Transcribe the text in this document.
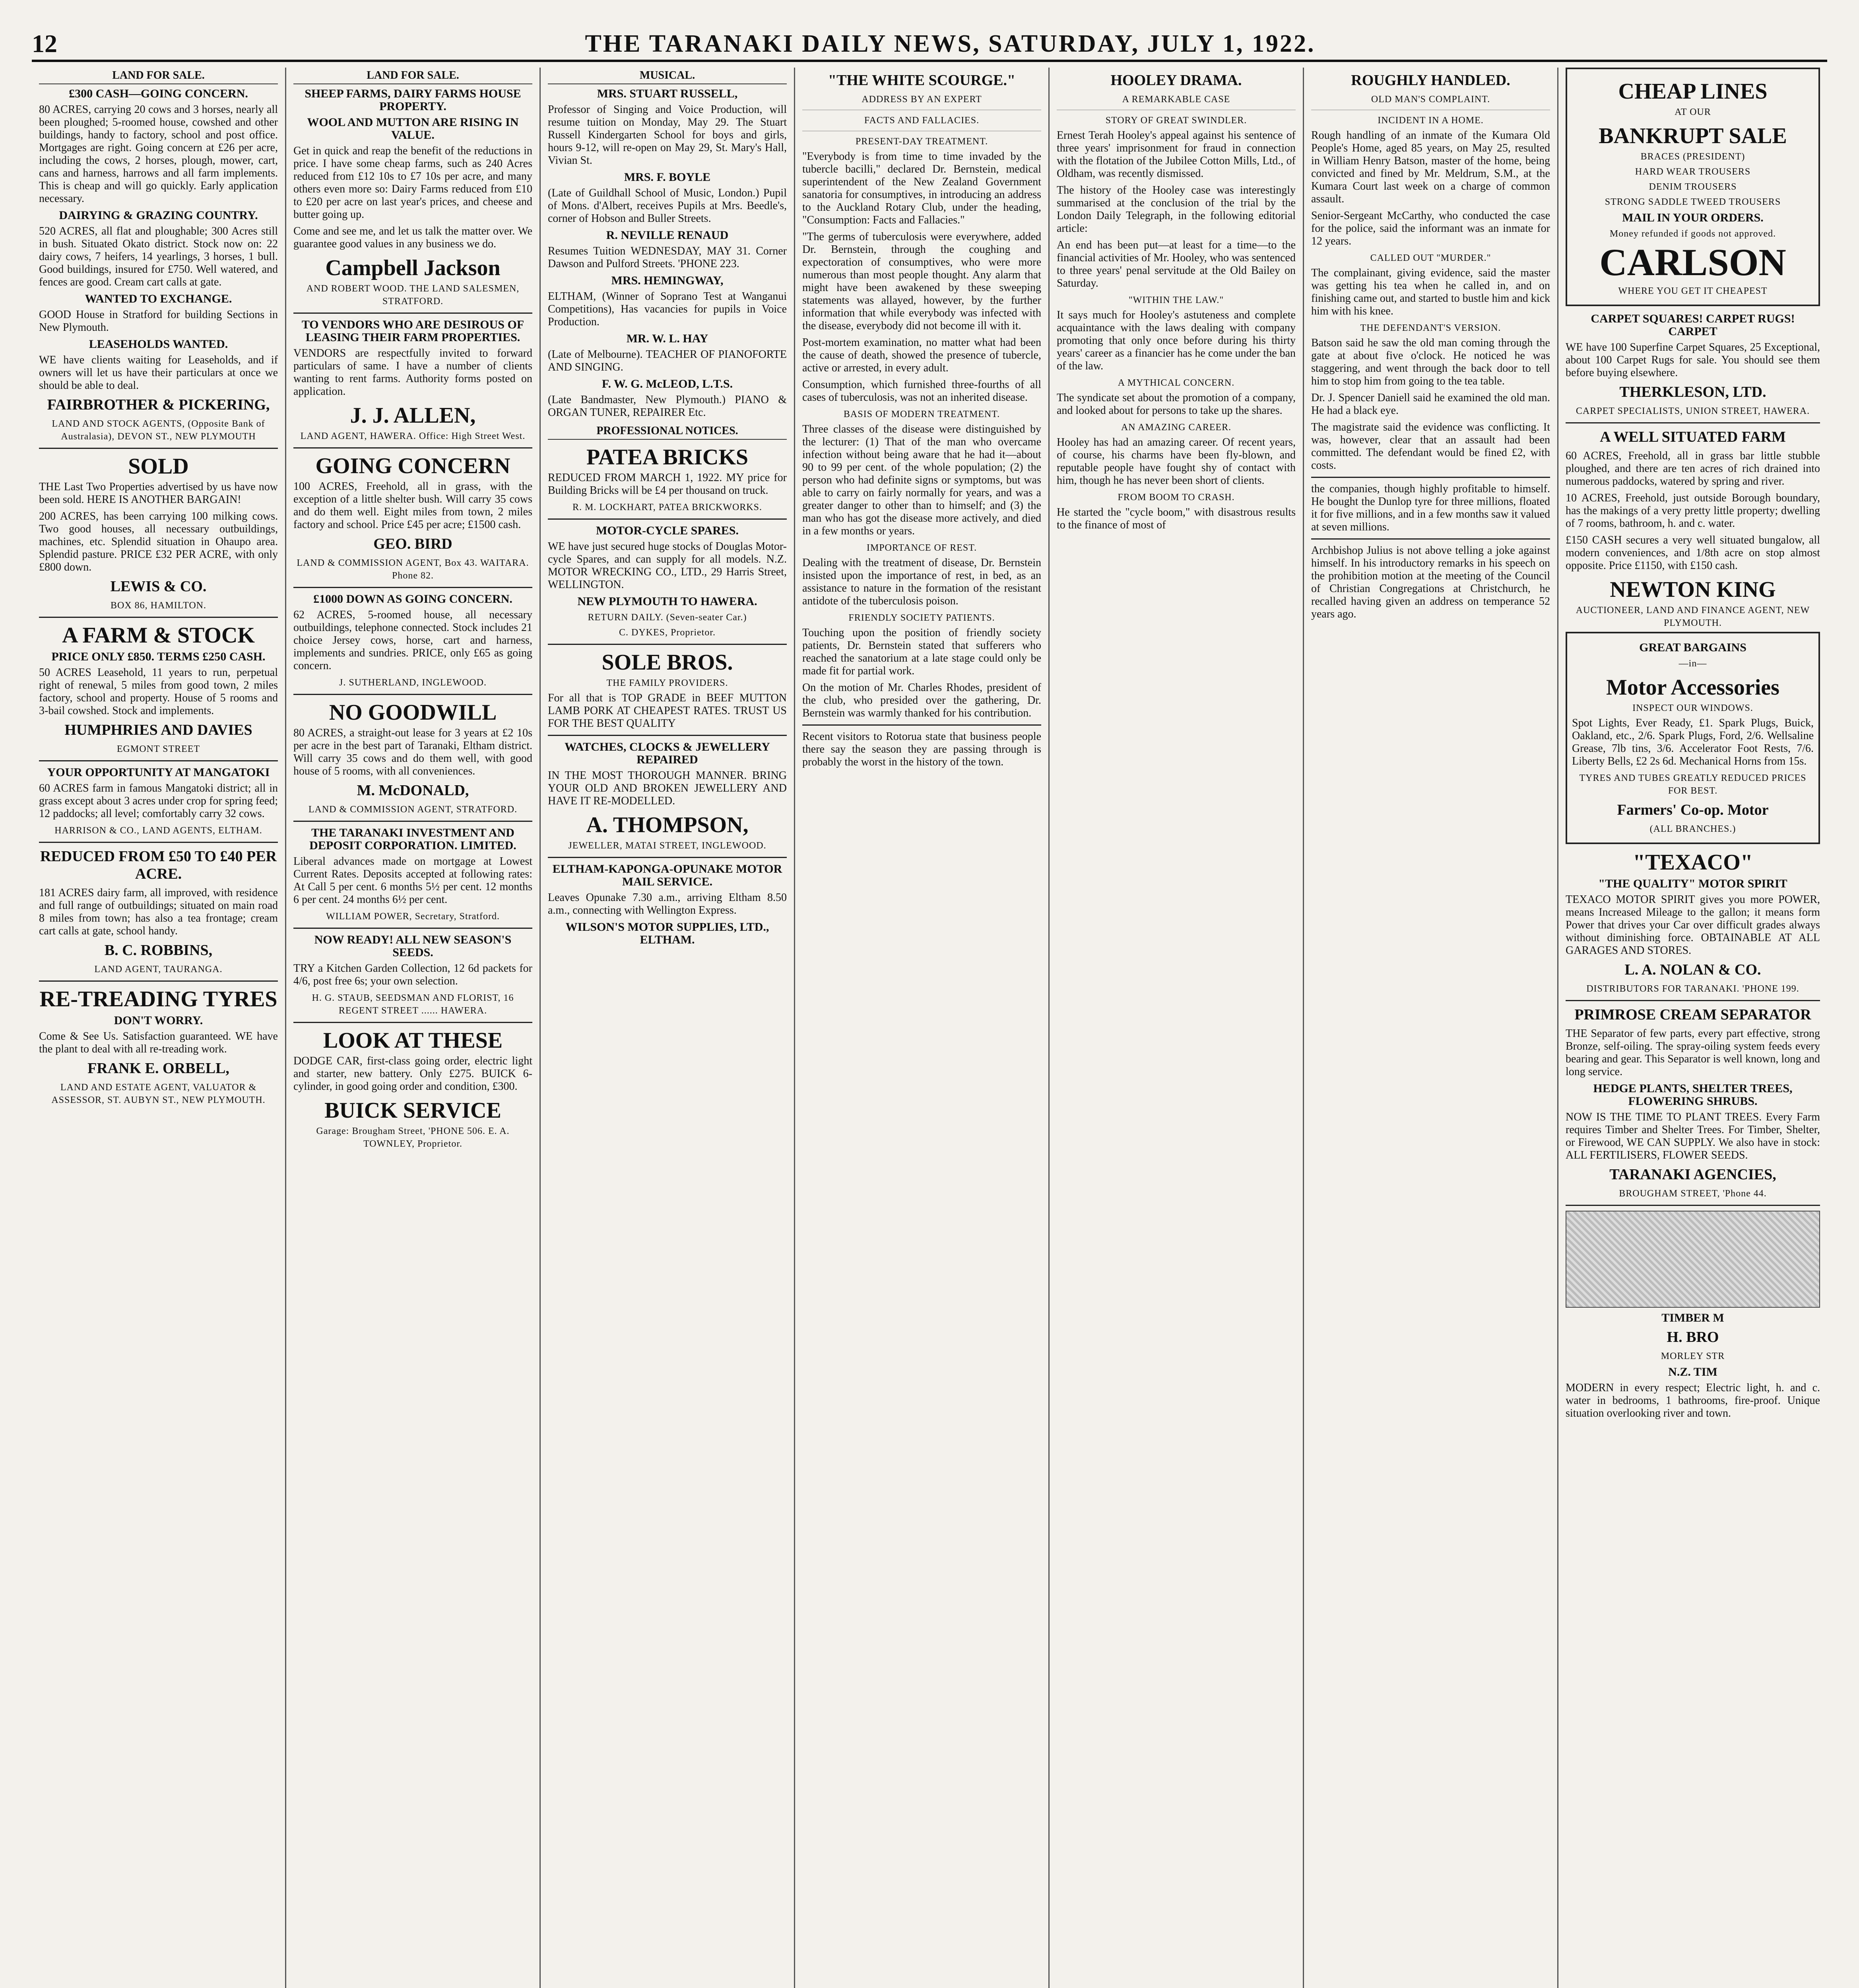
12	THE TARANAKI DAILY NEWS, SATURDAY, JULY 1, 1922.
LAND FOR SALE.
£300 CASH—GOING CONCERN.

80 ACRES, carrying 20 cows and 3 horses, nearly all been ploughed; 5-roomed house, cowshed and other buildings, handy to factory, school and post office. Mortgages are right. Going concern at £26 per acre, including the cows, 2 horses, plough, mower, cart, cans and harness, harrows and all farm implements. This is cheap and will go quickly. Early application necessary.

DAIRYING & GRAZING COUNTRY.

520 ACRES, all flat and ploughable; 300 Acres still in bush. Situated Okato district. Stock now on: 22 dairy cows, 7 heifers, 14 yearlings, 3 horses, 1 bull. Good buildings, insured for £750. Well watered, and fences are good. Cream cart calls at gate.

WANTED TO EXCHANGE.

GOOD House in Stratford for building Sections in New Plymouth.

LEASEHOLDS WANTED.

WE have clients waiting for Leaseholds, and if owners will let us have their particulars at once we should be able to deal.

FAIRBROTHER & PICKERING,
LAND AND STOCK AGENTS, (Opposite Bank of Australasia), DEVON ST., NEW PLYMOUTH
SOLD

THE Last Two Properties advertised by us have now been sold. HERE IS ANOTHER BARGAIN!

200 ACRES, has been carrying 100 milking cows. Two good houses, all necessary outbuildings, machines, etc. Splendid situation in Ohaupo area. Splendid pasture. PRICE £32 PER ACRE, with only £800 down.

LEWIS & CO.
BOX 86, HAMILTON.
A FARM & STOCK
PRICE ONLY £850. TERMS £250 CASH.

50 ACRES Leasehold, 11 years to run, perpetual right of renewal, 5 miles from good town, 2 miles factory, school and property. House of 5 rooms and 3-bail cowshed. Stock and implements.

HUMPHRIES AND DAVIES
EGMONT STREET
YOUR OPPORTUNITY AT MANGATOKI

60 ACRES farm in famous Mangatoki district; all in grass except about 3 acres under crop for spring feed; 12 paddocks; all level; comfortably carry 32 cows.

HARRISON & CO., LAND AGENTS, ELTHAM.
REDUCED FROM £50 TO £40 PER ACRE.

181 ACRES dairy farm, all improved, with residence and full range of outbuildings; situated on main road 8 miles from town; has also a tea frontage; cream cart calls at gate, school handy.

B. C. ROBBINS,
LAND AGENT, TAURANGA.
RE-TREADING TYRES
DON'T WORRY.

Come & See Us. Satisfaction guaranteed. WE have the plant to deal with all re-treading work.

FRANK E. ORBELL,
LAND AND ESTATE AGENT, VALUATOR & ASSESSOR, ST. AUBYN ST., NEW PLYMOUTH.
LAND FOR SALE.
SHEEP FARMS, DAIRY FARMS HOUSE PROPERTY.
WOOL AND MUTTON ARE RISING IN VALUE.

Get in quick and reap the benefit of the reductions in price. I have some cheap farms, such as 240 Acres reduced from £12 10s to £7 10s per acre, and many others even more so: Dairy Farms reduced from £10 to £20 per acre on last year's prices, and cheese and butter going up.

Come and see me, and let us talk the matter over. We guarantee good values in any business we do.

Campbell Jackson
AND ROBERT WOOD. THE LAND SALESMEN, STRATFORD.
TO VENDORS WHO ARE DESIROUS OF LEASING THEIR FARM PROPERTIES.

VENDORS are respectfully invited to forward particulars of same. I have a number of clients wanting to rent farms. Authority forms posted on application.

J. J. ALLEN,
LAND AGENT, HAWERA. Office: High Street West.
GOING CONCERN

100 ACRES, Freehold, all in grass, with the exception of a little shelter bush. Will carry 35 cows and do them well. Eight miles from town, 2 miles factory and school. Price £45 per acre; £1500 cash.

GEO. BIRD
LAND & COMMISSION AGENT, Box 43. WAITARA. Phone 82.
£1000 DOWN AS GOING CONCERN.

62 ACRES, 5-roomed house, all necessary outbuildings, telephone connected. Stock includes 21 choice Jersey cows, horse, cart and harness, implements and sundries. PRICE, only £65 as going concern.

J. SUTHERLAND, INGLEWOOD.
NO GOODWILL

80 ACRES, a straight-out lease for 3 years at £2 10s per acre in the best part of Taranaki, Eltham district. Will carry 35 cows and do them well, with good house of 5 rooms, with all conveniences.

M. McDONALD,
LAND & COMMISSION AGENT, STRATFORD.
THE TARANAKI INVESTMENT AND DEPOSIT CORPORATION. LIMITED.

Liberal advances made on mortgage at Lowest Current Rates. Deposits accepted at following rates: At Call 5 per cent. 6 months 5½ per cent. 12 months 6 per cent. 24 months 6½ per cent.

WILLIAM POWER, Secretary, Stratford.
NOW READY! ALL NEW SEASON'S SEEDS.

TRY a Kitchen Garden Collection, 12 6d packets for 4/6, post free 6s; your own selection.

H. G. STAUB, SEEDSMAN AND FLORIST, 16 REGENT STREET ...... HAWERA.
LOOK AT THESE

DODGE CAR, first-class going order, electric light and starter, new battery. Only £275. BUICK 6-cylinder, in good going order and condition, £300.

BUICK SERVICE
Garage: Brougham Street, 'PHONE 506. E. A. TOWNLEY, Proprietor.
MUSICAL.
MRS. STUART RUSSELL,

Professor of Singing and Voice Production, will resume tuition on Monday, May 29. The Stuart Russell Kindergarten School for boys and girls, hours 9-12, will re-open on May 29, St. Mary's Hall, Vivian St.

MRS. F. BOYLE

(Late of Guildhall School of Music, London.) Pupil of Mons. d'Albert, receives Pupils at Mrs. Beedle's, corner of Hobson and Buller Streets.

R. NEVILLE RENAUD

Resumes Tuition WEDNESDAY, MAY 31. Corner Dawson and Pulford Streets. 'PHONE 223.

MRS. HEMINGWAY,

ELTHAM, (Winner of Soprano Test at Wanganui Competitions), Has vacancies for pupils in Voice Production.

MR. W. L. HAY

(Late of Melbourne). TEACHER OF PIANOFORTE AND SINGING.

F. W. G. McLEOD, L.T.S.

(Late Bandmaster, New Plymouth.) PIANO & ORGAN TUNER, REPAIRER Etc.

PROFESSIONAL NOTICES.
PATEA BRICKS

REDUCED FROM MARCH 1, 1922. MY price for Building Bricks will be £4 per thousand on truck.

R. M. LOCKHART, PATEA BRICKWORKS.
MOTOR-CYCLE SPARES.

WE have just secured huge stocks of Douglas Motor-cycle Spares, and can supply for all models. N.Z. MOTOR WRECKING CO., LTD., 29 Harris Street, WELLINGTON.

NEW PLYMOUTH TO HAWERA.
RETURN DAILY. (Seven-seater Car.)
C. DYKES, Proprietor.
SOLE BROS.
THE FAMILY PROVIDERS.

For all that is TOP GRADE in BEEF MUTTON LAMB PORK AT CHEAPEST RATES. TRUST US FOR THE BEST QUALITY

WATCHES, CLOCKS & JEWELLERY REPAIRED

IN THE MOST THOROUGH MANNER. BRING YOUR OLD AND BROKEN JEWELLERY AND HAVE IT RE-MODELLED.

A. THOMPSON,
JEWELLER, MATAI STREET, INGLEWOOD.
ELTHAM-KAPONGA-OPUNAKE MOTOR MAIL SERVICE.

Leaves Opunake 7.30 a.m., arriving Eltham 8.50 a.m., connecting with Wellington Express.

WILSON'S MOTOR SUPPLIES, LTD., ELTHAM.
"THE WHITE SCOURGE."
ADDRESS BY AN EXPERT
FACTS AND FALLACIES.
PRESENT-DAY TREATMENT.

"Everybody is from time to time invaded by the tubercle bacilli," declared Dr. Bernstein, medical superintendent of the New Zealand Government sanatoria for consumptives, in introducing an address to the Auckland Rotary Club, under the heading, "Consumption: Facts and Fallacies."

"The germs of tuberculosis were everywhere, added Dr. Bernstein, through the coughing and expectoration of consumptives, who were more numerous than most people thought. Any alarm that might have been awakened by these sweeping statements was allayed, however, by the further information that while everybody was infected with the disease, everybody did not become ill with it.

Post-mortem examination, no matter what had been the cause of death, showed the presence of tubercle, active or arrested, in every adult.

Consumption, which furnished three-fourths of all cases of tuberculosis, was not an inherited disease.

BASIS OF MODERN TREATMENT.

Three classes of the disease were distinguished by the lecturer: (1) That of the man who overcame infection without being aware that he had it—about 90 to 99 per cent. of the whole population; (2) the person who had definite signs or symptoms, but was able to carry on fairly normally for years, and was a greater danger to other than to himself; and (3) the man who has got the disease more actively, and died in a few months or years.

IMPORTANCE OF REST.

Dealing with the treatment of disease, Dr. Bernstein insisted upon the importance of rest, in bed, as an assistance to nature in the formation of the resistant antidote of the tuberculosis poison.

FRIENDLY SOCIETY PATIENTS.

Touching upon the position of friendly society patients, Dr. Bernstein stated that sufferers who reached the sanatorium at a late stage could only be made fit for partial work.

On the motion of Mr. Charles Rhodes, president of the club, who presided over the gathering, Dr. Bernstein was warmly thanked for his contribution.

Recent visitors to Rotorua state that business people there say the season they are passing through is probably the worst in the history of the town.

HOOLEY DRAMA.
A REMARKABLE CASE
STORY OF GREAT SWINDLER.

Ernest Terah Hooley's appeal against his sentence of three years' imprisonment for fraud in connection with the flotation of the Jubilee Cotton Mills, Ltd., of Oldham, was recently dismissed.

The history of the Hooley case was interestingly summarised at the conclusion of the trial by the London Daily Telegraph, in the following editorial article:

An end has been put—at least for a time—to the financial activities of Mr. Hooley, who was sentenced to three years' penal servitude at the Old Bailey on Saturday.

"WITHIN THE LAW."

It says much for Hooley's astuteness and complete acquaintance with the laws dealing with company promoting that only once before during his thirty years' career as a financier has he come under the ban of the law.

A MYTHICAL CONCERN.

The syndicate set about the promotion of a company, and looked about for persons to take up the shares.

AN AMAZING CAREER.

Hooley has had an amazing career. Of recent years, of course, his charms have been fly-blown, and reputable people have fought shy of contact with him, though he has never been short of clients.

FROM BOOM TO CRASH.

He started the "cycle boom," with disastrous results to the finance of most of

ROUGHLY HANDLED.
OLD MAN'S COMPLAINT.
INCIDENT IN A HOME.

Rough handling of an inmate of the Kumara Old People's Home, aged 85 years, on May 25, resulted in William Henry Batson, master of the home, being convicted and fined by Mr. Meldrum, S.M., at the Kumara Court last week on a charge of common assault.

Senior-Sergeant McCarthy, who conducted the case for the police, said the informant was an inmate for 12 years.

CALLED OUT "MURDER."

The complainant, giving evidence, said the master was getting his tea when he called in, and on finishing came out, and started to bustle him and kick him with his knee.

THE DEFENDANT'S VERSION.

Batson said he saw the old man coming through the gate at about five o'clock. He noticed he was staggering, and went through the back door to tell him to stop him from going to the tea table.

Dr. J. Spencer Daniell said he examined the old man. He had a black eye.

The magistrate said the evidence was conflicting. It was, however, clear that an assault had been committed. The defendant would be fined £2, with costs.

the companies, though highly profitable to himself. He bought the Dunlop tyre for three millions, floated it for five millions, and in a few months saw it valued at seven millions.

Archbishop Julius is not above telling a joke against himself. In his introductory remarks in his speech on the prohibition motion at the meeting of the Council of Christian Congregations at Christchurch, he recalled having given an address on temperance 52 years ago.

CHEAP LINES
AT OUR
BANKRUPT SALE
BRACES (PRESIDENT)
HARD WEAR TROUSERS
DENIM TROUSERS
STRONG SADDLE TWEED TROUSERS
MAIL IN YOUR ORDERS.
Money refunded if goods not approved.
CARLSON
WHERE YOU GET IT CHEAPEST
CARPET SQUARES! CARPET RUGS! CARPET

WE have 100 Superfine Carpet Squares, 25 Exceptional, about 100 Carpet Rugs for sale. You should see them before buying elsewhere.

THERKLESON, LTD.
CARPET SPECIALISTS, UNION STREET, HAWERA.
A WELL SITUATED FARM

60 ACRES, Freehold, all in grass bar little stubble ploughed, and there are ten acres of rich drained into numerous paddocks, watered by spring and river.

10 ACRES, Freehold, just outside Borough boundary, has the makings of a very pretty little property; dwelling of 7 rooms, bathroom, h. and c. water.

£150 CASH secures a very well situated bungalow, all modern conveniences, and 1/8th acre on stop almost opposite. Price £1150, with £150 cash.

NEWTON KING
AUCTIONEER, LAND AND FINANCE AGENT, NEW PLYMOUTH.
GREAT BARGAINS
—in—
Motor Accessories
INSPECT OUR WINDOWS.

Spot Lights, Ever Ready, £1. Spark Plugs, Buick, Oakland, etc., 2/6. Spark Plugs, Ford, 2/6. Wellsaline Grease, 7lb tins, 3/6. Accelerator Foot Rests, 7/6. Liberty Bells, £2 2s 6d. Mechanical Horns from 15s.

TYRES AND TUBES GREATLY REDUCED PRICES FOR BEST.
Farmers' Co-op. Motor
(ALL BRANCHES.)
"TEXACO"
"THE QUALITY" MOTOR SPIRIT

TEXACO MOTOR SPIRIT gives you more POWER, means Increased Mileage to the gallon; it means form Power that drives your Car over difficult grades always without diminishing force. OBTAINABLE AT ALL GARAGES AND STORES.

L. A. NOLAN & CO.
DISTRIBUTORS FOR TARANAKI. 'PHONE 199.
PRIMROSE CREAM SEPARATOR

THE Separator of few parts, every part effective, strong Bronze, self-oiling. The spray-oiling system feeds every bearing and gear. This Separator is well known, long and long service.

HEDGE PLANTS, SHELTER TREES, FLOWERING SHRUBS.

NOW IS THE TIME TO PLANT TREES. Every Farm requires Timber and Shelter Trees. For Timber, Shelter, or Firewood, WE CAN SUPPLY. We also have in stock: ALL FERTILISERS, FLOWER SEEDS.

TARANAKI AGENCIES,
BROUGHAM STREET, 'Phone 44.
TIMBER M
H. BRO
MORLEY STR
N.Z. TIM

MODERN in every respect; Electric light, h. and c. water in bedrooms, 1 bathrooms, fire-proof. Unique situation overlooking river and town.
